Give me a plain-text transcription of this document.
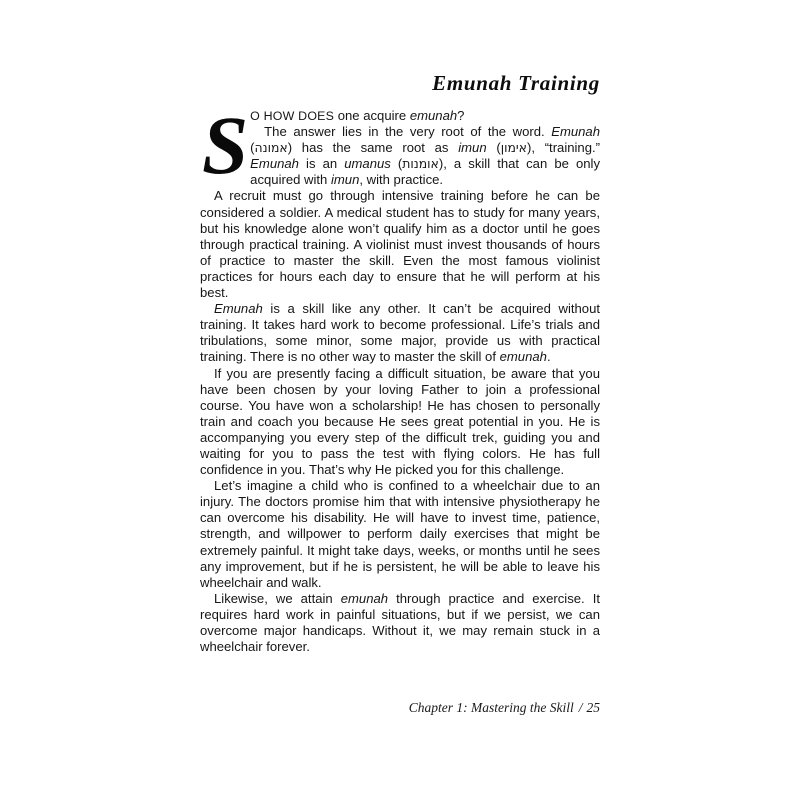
Emunah Training

S O HOW DOES one acquire emunah?
The answer lies in the very root of the word. Emunah (אמונה) has the same root as imun (אימון), “training.” Emunah is an umanus (אומנות), a skill that can be only acquired with imun, with practice.

A recruit must go through intensive training before he can be considered a soldier. A medical student has to study for many years, but his knowledge alone won’t qualify him as a doctor until he goes through practical training. A violinist must invest thousands of hours of practice to master the skill. Even the most famous violinist practices for hours each day to ensure that he will perform at his best.

Emunah is a skill like any other. It can’t be acquired without training. It takes hard work to become professional. Life’s trials and tribulations, some minor, some major, provide us with practical training. There is no other way to master the skill of emunah.

If you are presently facing a difficult situation, be aware that you have been chosen by your loving Father to join a professional course. You have won a scholarship! He has chosen to personally train and coach you because He sees great potential in you. He is accompanying you every step of the difficult trek, guiding you and waiting for you to pass the test with flying colors. He has full confidence in you. That’s why He picked you for this challenge.

Let’s imagine a child who is confined to a wheelchair due to an injury. The doctors promise him that with intensive physiotherapy he can overcome his disability. He will have to invest time, patience, strength, and willpower to perform daily exercises that might be extremely painful. It might take days, weeks, or months until he sees any improvement, but if he is persistent, he will be able to leave his wheelchair and walk.

Likewise, we attain emunah through practice and exercise. It requires hard work in painful situations, but if we persist, we can overcome major handicaps. Without it, we may remain stuck in a wheelchair forever.

Chapter 1: Mastering the Skill / 25
